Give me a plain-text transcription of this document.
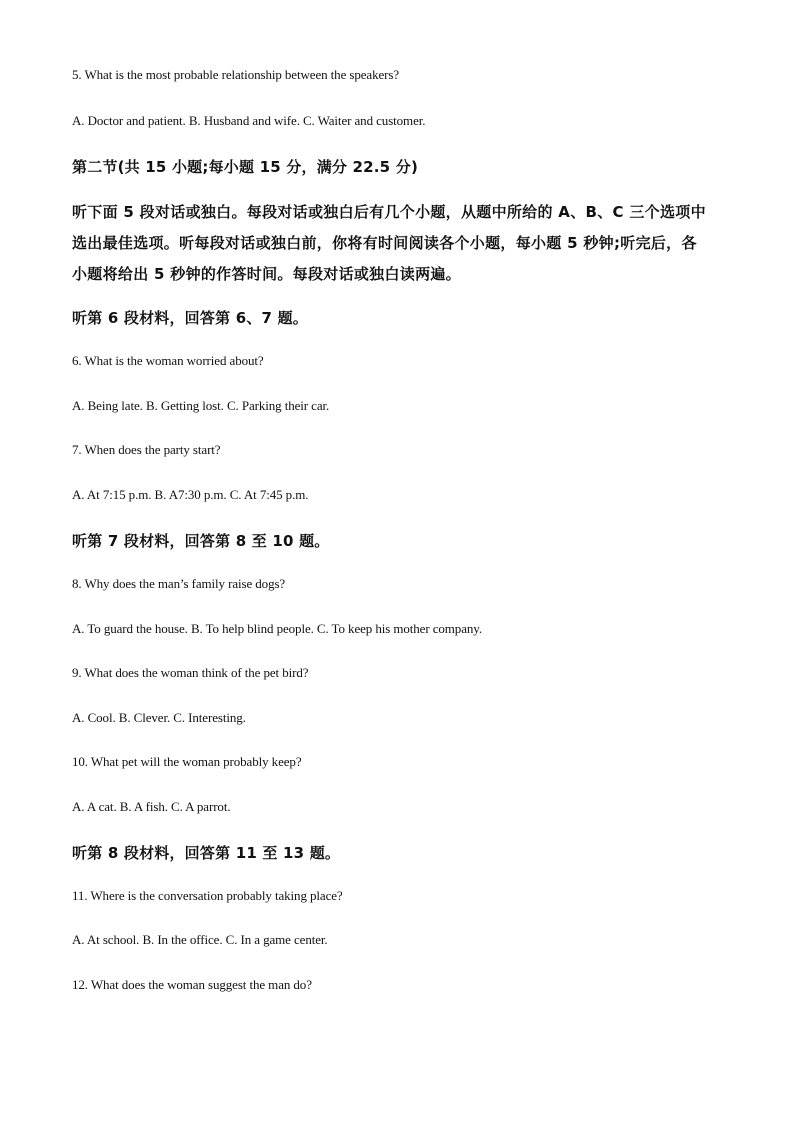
5. What is the most probable relationship between the speakers?
A. Doctor and patient. B. Husband and wife. C. Waiter and customer.
第二节(共 15 小题;每小题 15 分，满分 22.5 分)
听下面 5 段对话或独白。每段对话或独白后有几个小题，从题中所给的 A、B、C 三个选项中
选出最佳选项。听每段对话或独白前，你将有时间阅读各个小题，每小题 5 秒钟;听完后，各
小题将给出 5 秒钟的作答时间。每段对话或独白读两遍。
听第 6 段材料，回答第 6、7 题。
6. What is the woman worried about?
A. Being late. B. Getting lost. C. Parking their car.
7. When does the party start?
A. At 7:15 p.m. B. A7:30 p.m. C. At 7:45 p.m.
听第 7 段材料，回答第 8 至 10 题。
8. Why does the man’s family raise dogs?
A. To guard the house. B. To help blind people. C. To keep his mother company.
9. What does the woman think of the pet bird?
A. Cool. B. Clever. C. Interesting.
10. What pet will the woman probably keep?
A. A cat. B. A fish. C. A parrot.
听第 8 段材料，回答第 11 至 13 题。
11. Where is the conversation probably taking place?
A. At school. B. In the office. C. In a game center.
12. What does the woman suggest the man do?
